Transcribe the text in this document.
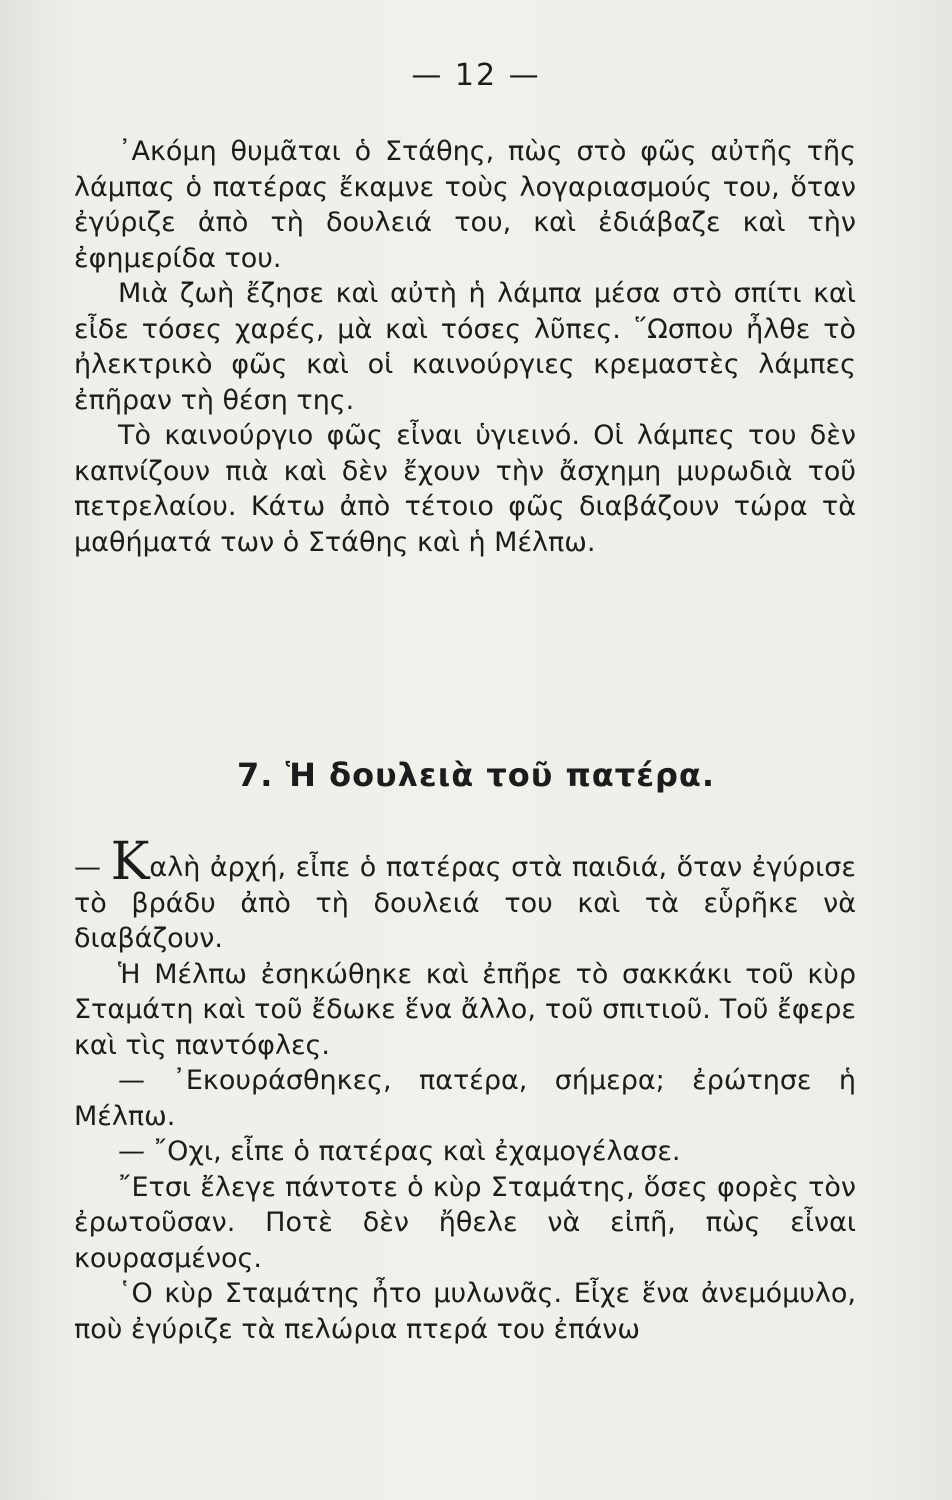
— 12 —

᾿Ακόμη θυμᾶται ὁ Στάθης, πὼς στὸ φῶς αὐτῆς τῆς λάμπας ὁ πατέρας ἔκαμνε τοὺς λογαριασμούς του, ὅταν ἐγύριζε ἀπὸ τὴ δουλειά του, καὶ ἐδιάβαζε καὶ τὴν ἐφημερίδα του.

Μιὰ ζωὴ ἔζησε καὶ αὐτὴ ἡ λάμπα μέσα στὸ σπίτι καὶ εἶδε τόσες χαρές, μὰ καὶ τόσες λῦπες. ῞Ωσπου ἦλθε τὸ ἠλεκτρικὸ φῶς καὶ οἱ καινούργιες κρεμαστὲς λάμπες ἐπῆραν τὴ θέση της.

Τὸ καινούργιο φῶς εἶναι ὑγιεινό. Οἱ λάμπες του δὲν καπνίζουν πιὰ καὶ δὲν ἔχουν τὴν ἄσχημη μυρωδιὰ τοῦ πετρελαίου. Κάτω ἀπὸ τέτοιο φῶς διαβάζουν τώρα τὰ μαθήματά των ὁ Στάθης καὶ ἡ Μέλπω.

7. Ἡ δουλειὰ τοῦ πατέρα.

— Καλὴ ἀρχή, εἶπε ὁ πατέρας στὰ παιδιά, ὅταν ἐγύρισε τὸ βράδυ ἀπὸ τὴ δουλειά του καὶ τὰ εὗρῆκε νὰ διαβάζουν.

Ἡ Μέλπω ἐσηκώθηκε καὶ ἐπῆρε τὸ σακκάκι τοῦ κὺρ Σταμάτη καὶ τοῦ ἔδωκε ἕνα ἄλλο, τοῦ σπιτιοῦ. Τοῦ ἔφερε καὶ τὶς παντόφλες.

— ᾿Εκουράσθηκες, πατέρα, σήμερα; ἐρώτησε ἡ Μέλπω.

— ῎Οχι, εἶπε ὁ πατέρας καὶ ἐχαμογέλασε.

῎Ετσι ἔλεγε πάντοτε ὁ κὺρ Σταμάτης, ὅσες φορὲς τὸν ἐρωτοῦσαν. Ποτὲ δὲν ἤθελε νὰ εἰπῆ, πὼς εἶναι κουρασμένος.

῾Ο κὺρ Σταμάτης ἦτο μυλωνᾶς. Εἶχε ἕνα ἀνεμόμυλο, ποὺ ἐγύριζε τὰ πελώρια πτερά του ἐπάνω
